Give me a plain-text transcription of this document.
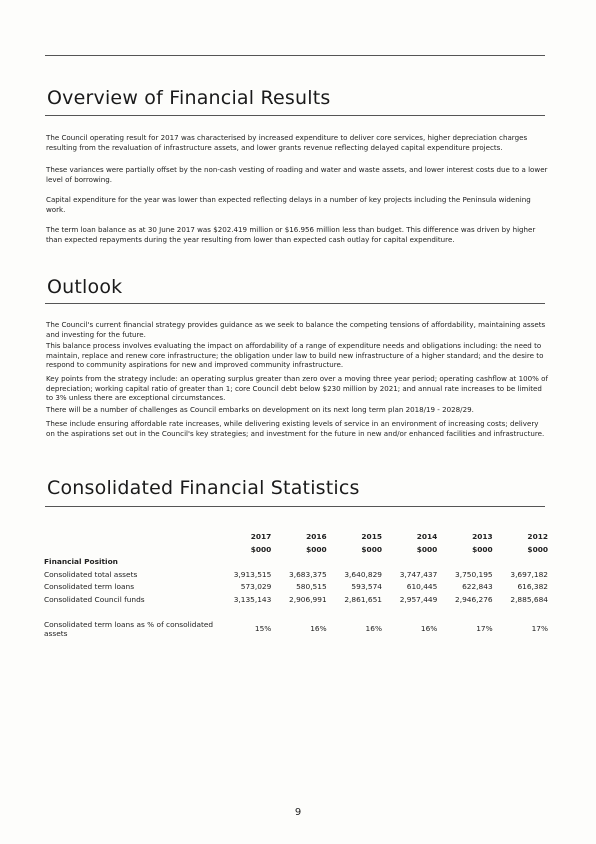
Overview of Financial Results

The Council operating result for 2017 was characterised by increased expenditure to deliver core services, higher depreciation charges resulting from the revaluation of infrastructure assets, and lower grants revenue reflecting delayed capital expenditure projects.

These variances were partially offset by the non-cash vesting of roading and water and waste assets, and lower interest costs due to a lower level of borrowing.

Capital expenditure for the year was lower than expected reflecting delays in a number of key projects including the Peninsula widening work.

The term loan balance as at 30 June 2017 was $202.419 million or $16.956 million less than budget. This difference was driven by higher than expected repayments during the year resulting from lower than expected cash outlay for capital expenditure.

Outlook

The Council's current financial strategy provides guidance as we seek to balance the competing tensions of affordability, maintaining assets and investing for the future.

This balance process involves evaluating the impact on affordability of a range of expenditure needs and obligations including: the need to maintain, replace and renew core infrastructure; the obligation under law to build new infrastructure of a higher standard; and the desire to respond to community aspirations for new and improved community infrastructure.

Key points from the strategy include: an operating surplus greater than zero over a moving three year period; operating cashflow at 100% of depreciation; working capital ratio of greater than 1; core Council debt below $230 million by 2021; and annual rate increases to be limited to 3% unless there are exceptional circumstances.

There will be a number of challenges as Council embarks on development on its next long term plan 2018/19 - 2028/29.

These include ensuring affordable rate increases, while delivering existing levels of service in an environment of increasing costs; delivery on the aspirations set out in the Council's key strategies; and investment for the future in new and/or enhanced facilities and infrastructure.

Consolidated Financial Statistics
	2017	2016	2015	2014	2013	2012
	$000	$000	$000	$000	$000	$000
Financial Position						
Consolidated total assets	3,913,515	3,683,375	3,640,829	3,747,437	3,750,195	3,697,182
Consolidated term loans	573,029	580,515	593,574	610,445	622,843	616,382
Consolidated Council funds	3,135,143	2,906,991	2,861,651	2,957,449	2,946,276	2,885,684

Consolidated term loans as % of consolidated assets	15%	16%	16%	16%	17%	17%
9
